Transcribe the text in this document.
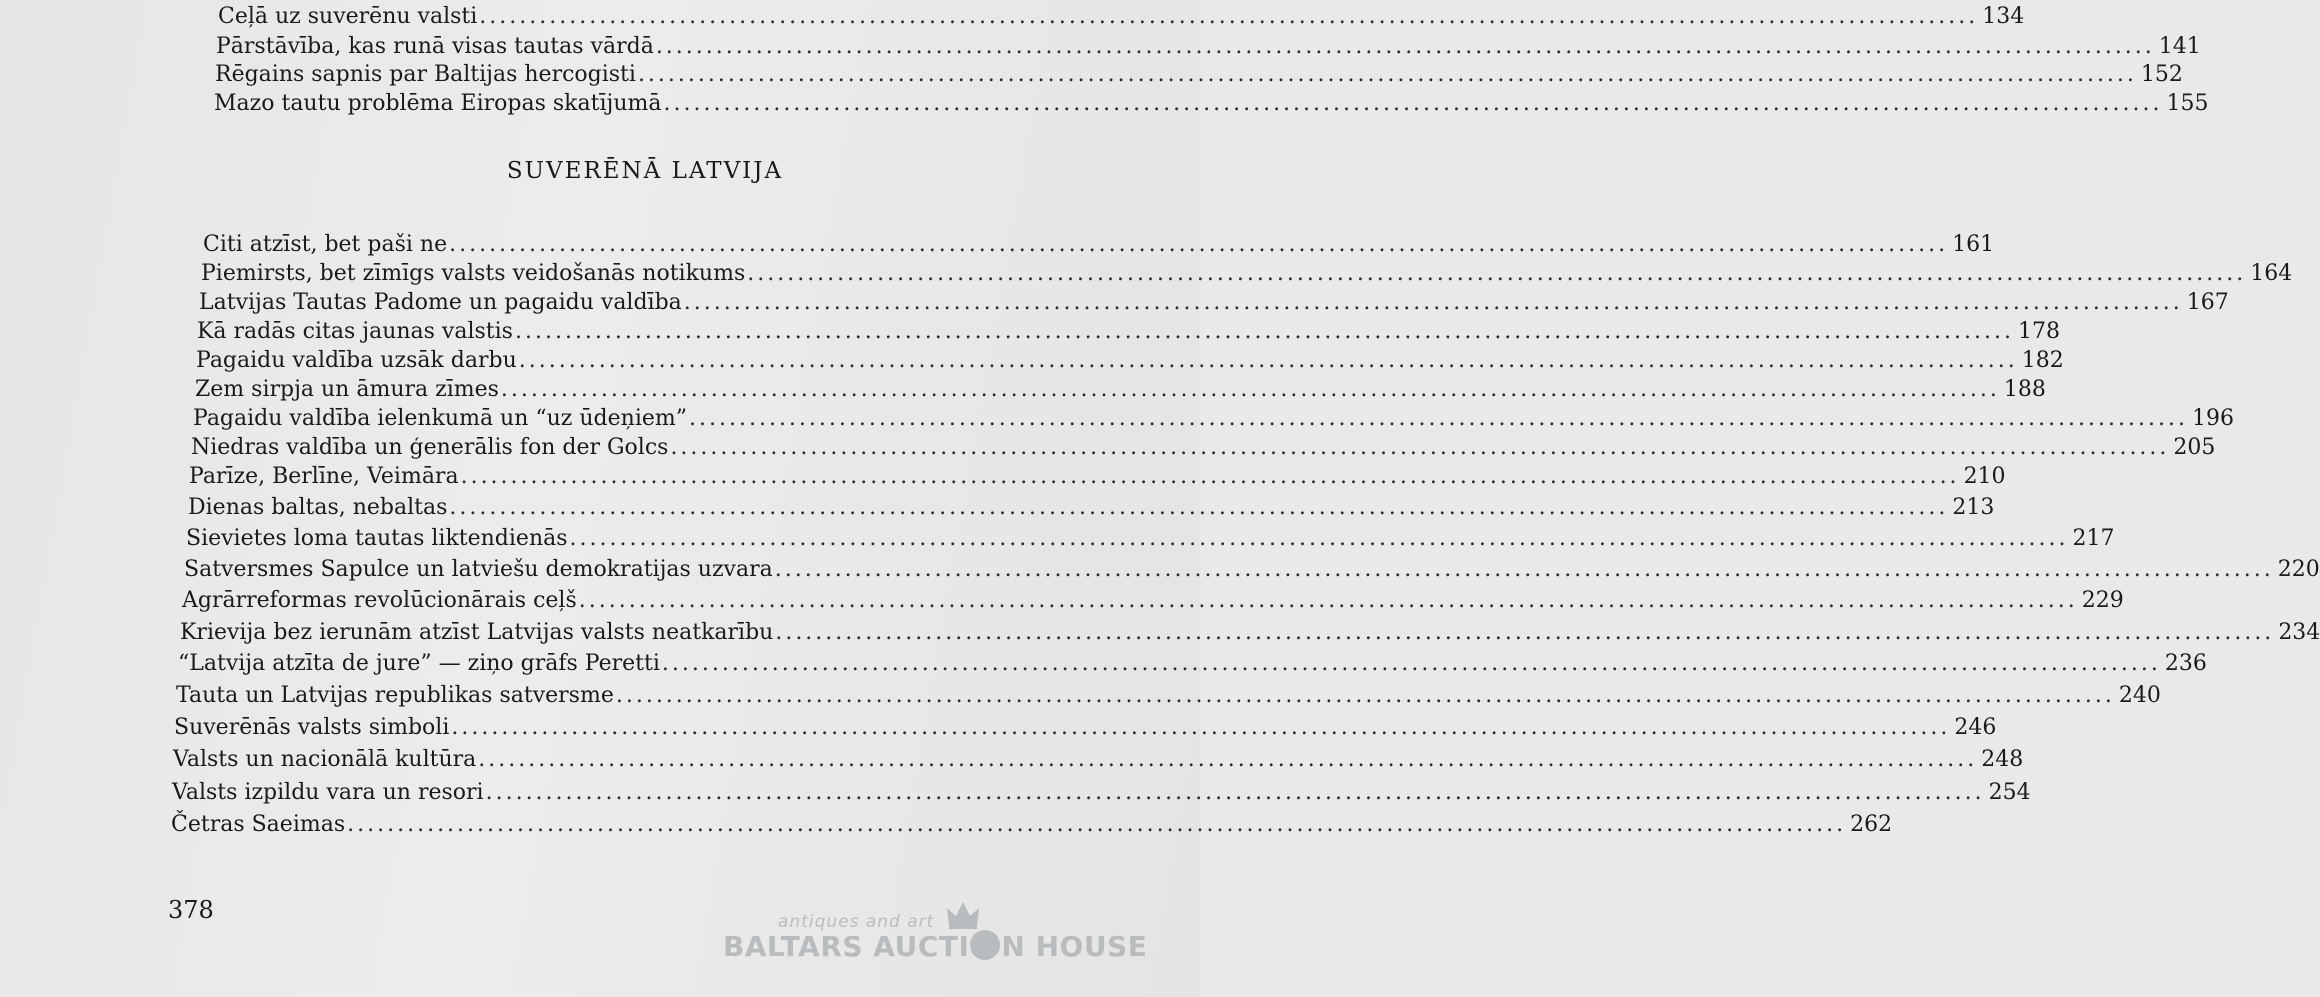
Ceļā uz suverēnu valsti ...................................................................................................................................................... 134
Pārstāvība, kas runā visas tautas vārdā ...................................................................................................................................................... 141
Rēgains sapnis par Baltijas hercogisti ...................................................................................................................................................... 152
Mazo tautu problēma Eiropas skatījumā ...................................................................................................................................................... 155
SUVERĒNĀ LATVIJA
Citi atzīst, bet paši ne ...................................................................................................................................................... 161
Piemirsts, bet zīmīgs valsts veidošanās notikums ...................................................................................................................................................... 164
Latvijas Tautas Padome un pagaidu valdība ...................................................................................................................................................... 167
Kā radās citas jaunas valstis ...................................................................................................................................................... 178
Pagaidu valdība uzsāk darbu ...................................................................................................................................................... 182
Zem sirpja un āmura zīmes ...................................................................................................................................................... 188
Pagaidu valdība ielenkumā un “uz ūdeņiem” ...................................................................................................................................................... 196
Niedras valdība un ģenerālis fon der Golcs ...................................................................................................................................................... 205
Parīze, Berlīne, Veimāra ...................................................................................................................................................... 210
Dienas baltas, nebaltas ...................................................................................................................................................... 213
Sievietes loma tautas liktendienās ...................................................................................................................................................... 217
Satversmes Sapulce un latviešu demokratijas uzvara ...................................................................................................................................................... 220
Agrārreformas revolūcionārais ceļš ...................................................................................................................................................... 229
Krievija bez ierunām atzīst Latvijas valsts neatkarību ...................................................................................................................................................... 234
“Latvija atzīta de jure” — ziņo grāfs Peretti ...................................................................................................................................................... 236
Tauta un Latvijas republikas satversme ...................................................................................................................................................... 240
Suverēnās valsts simboli ...................................................................................................................................................... 246
Valsts un nacionālā kultūra ...................................................................................................................................................... 248
Valsts izpildu vara un resori ...................................................................................................................................................... 254
Četras Saeimas ...................................................................................................................................................... 262
378	antiques and art
BALTARS AUCTI N HOUSE
